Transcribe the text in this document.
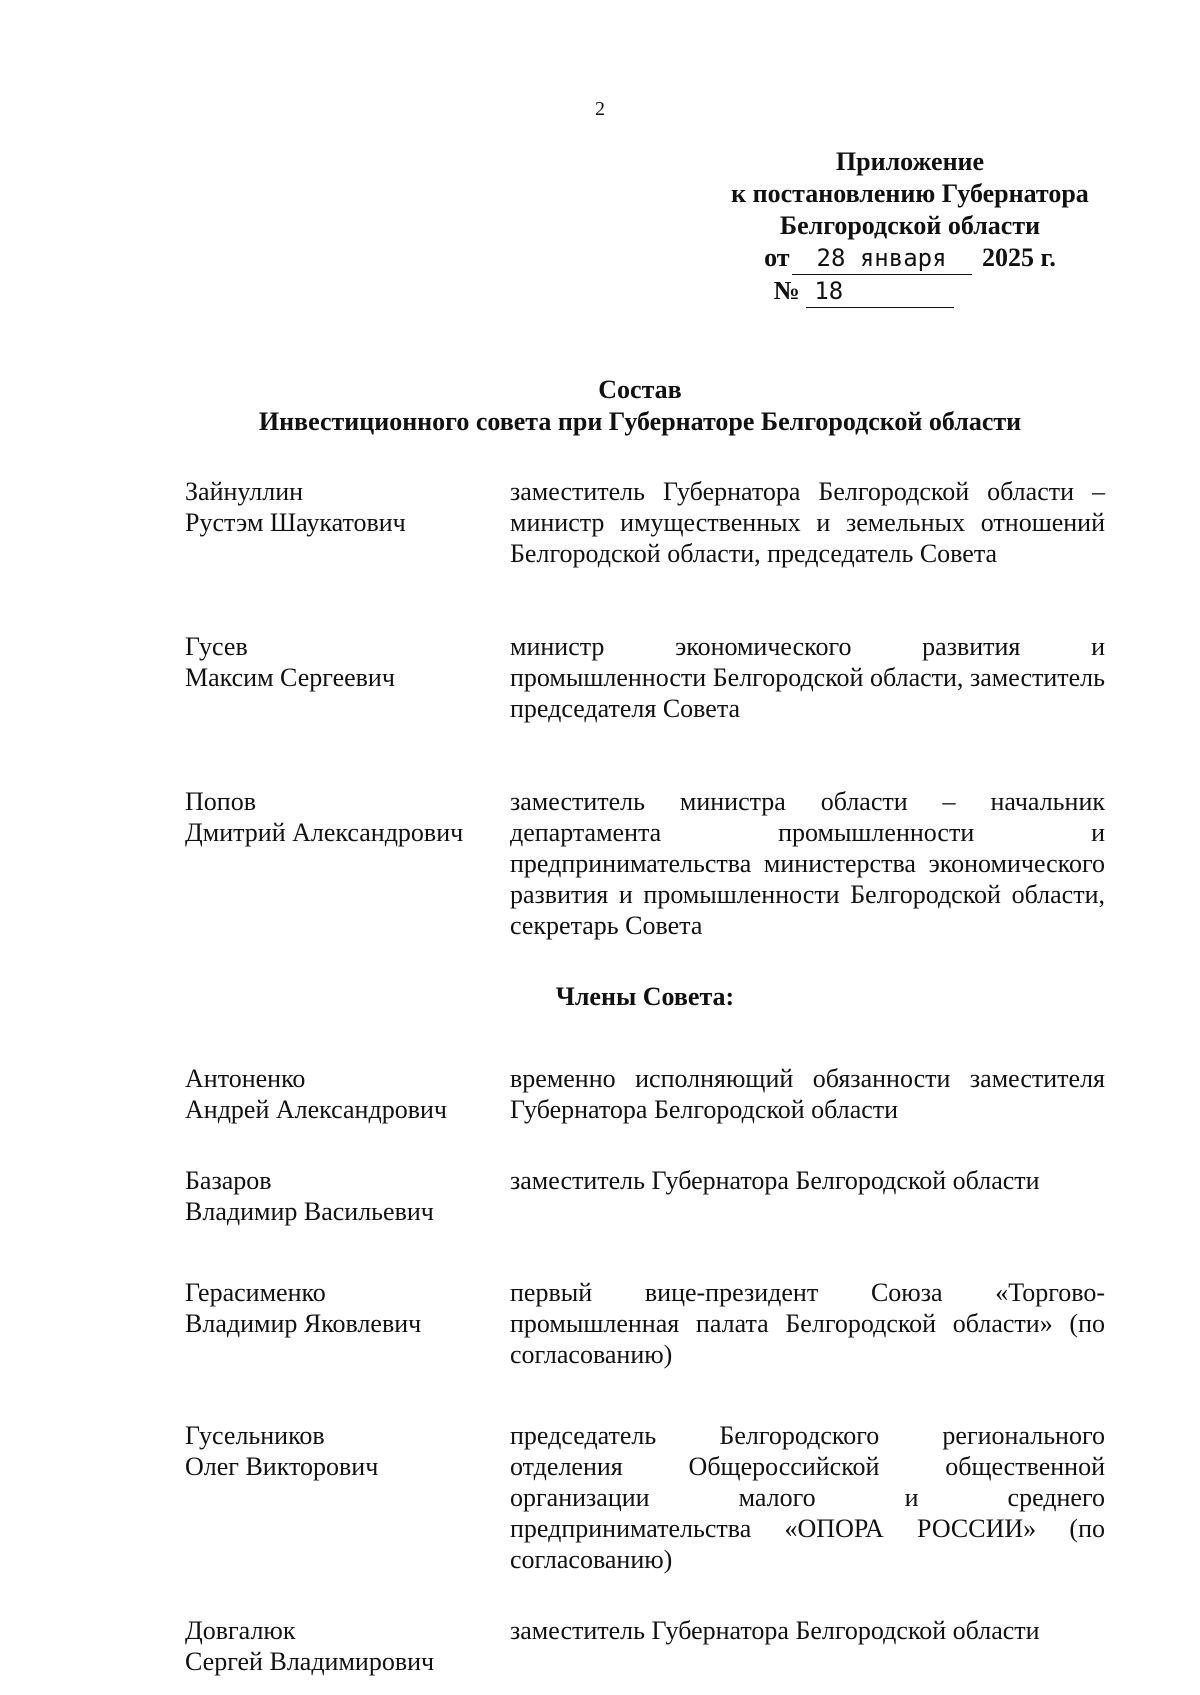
2
Приложение
к постановлению Губернатора
Белгородской области
от 28 января 2025 г.
№ 18
Состав
Инвестиционного совета при Губернаторе Белгородской области
Зайнуллин
Рустэм Шаукатович
заместитель Губернатора Белгородской области – министр имущественных и земельных отношений Белгородской области, председатель Совета
Гусев
Максим Сергеевич
министр экономического развития и промышленности Белгородской области, заместитель председателя Совета
Попов
Дмитрий Александрович
заместитель министра области – начальник департамента промышленности и предпринимательства министерства экономического развития и промышленности Белгородской области, секретарь Совета
Члены Совета:
Антоненко
Андрей Александрович
временно исполняющий обязанности заместителя Губернатора Белгородской области
Базаров
Владимир Васильевич
заместитель Губернатора Белгородской области
Герасименко
Владимир Яковлевич
первый вице-президент Союза «Торгово-промышленная палата Белгородской области» (по согласованию)
Гусельников
Олег Викторович
председатель Белгородского регионального отделения Общероссийской общественной организации малого и среднего предпринимательства «ОПОРА РОССИИ» (по согласованию)
Довгалюк
Сергей Владимирович
заместитель Губернатора Белгородской области
